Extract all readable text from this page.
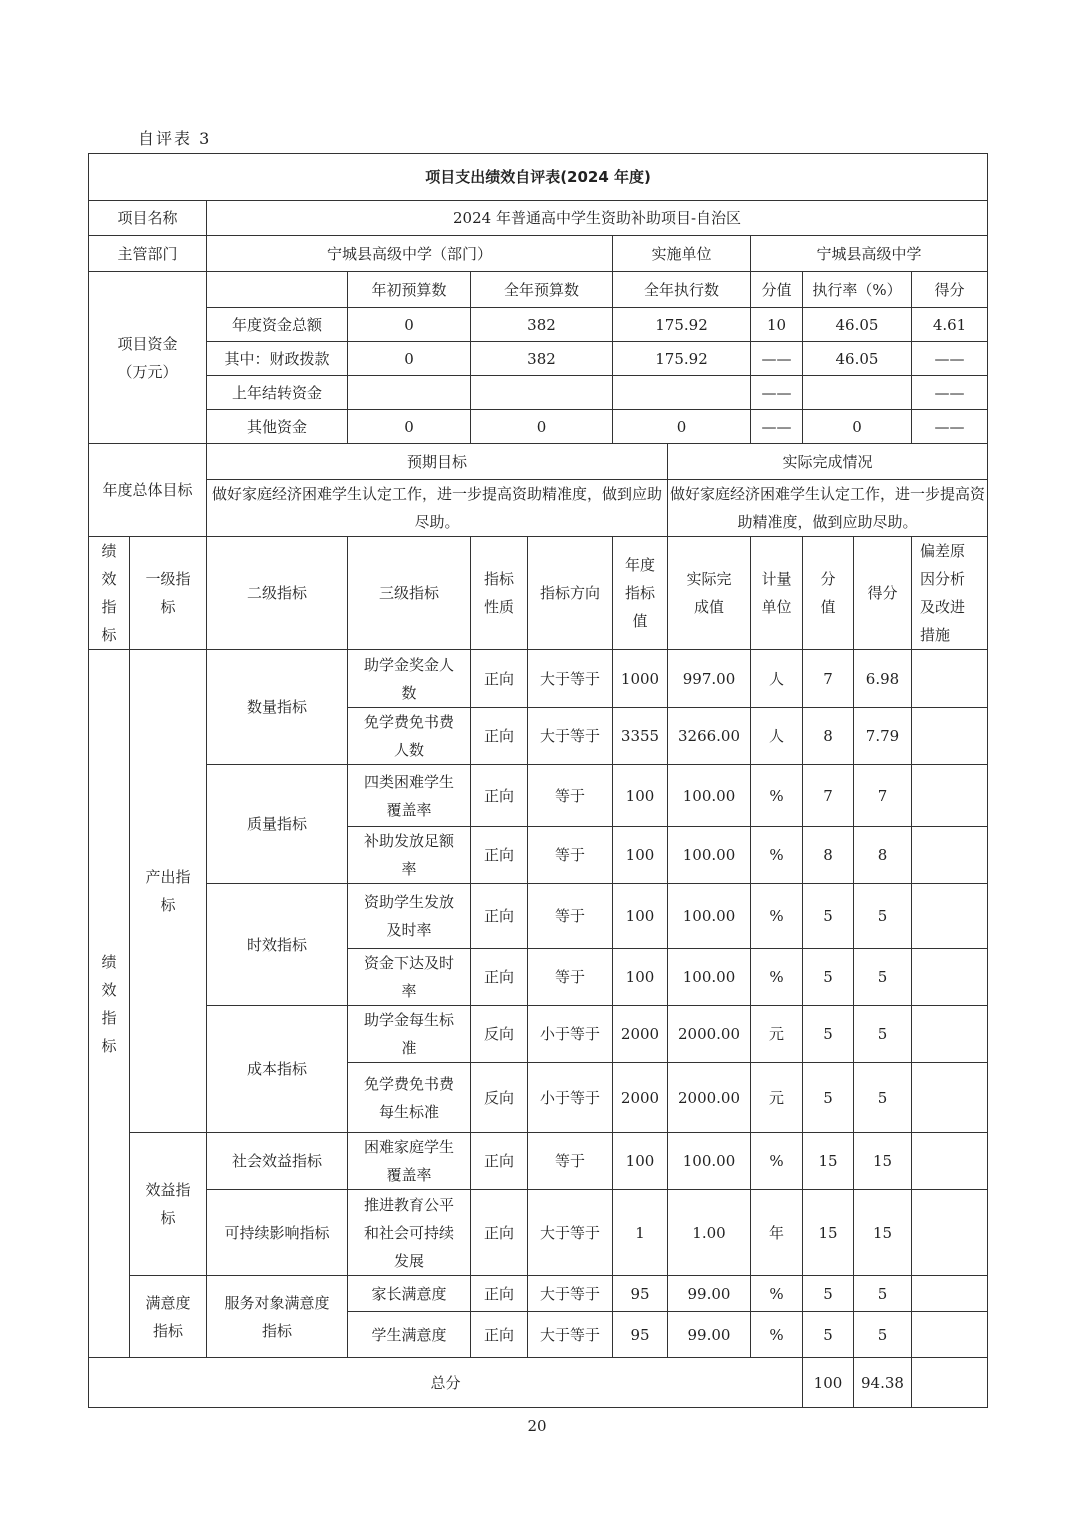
自评表 3
项目支出绩效自评表(2024 年度)											
项目名称		2024 年普通高中学生资助补助项目-自治区									
主管部门		宁城县高级中学（部门）				实施单位		宁城县高级中学			
项目资金（万元）			年初预算数	全年预算数		全年执行数		分值	执行率（%）		得分
		年度资金总额	0	382		175.92		10	46.05		4.61
		其中：财政拨款	0	382		175.92		——	46.05		——
		上年结转资金						——			——
		其他资金	0	0		0		——	0		——
年度总体目标		预期目标					实际完成情况				
		做好家庭经济困难学生认定工作，进一步提高资助精准度，做到应助尽助。					做好家庭经济困难学生认定工作，进一步提高资助精准度，做到应助尽助。				
绩效指标	一级指标	二级指标	三级指标	指标性质	指标方向	年度指标值	实际完成值	计量单位	分值	得分	偏差原因分析及改进措施
绩效指标	产出指标	数量指标	助学金奖金人数	正向	大于等于	1000	997.00	人	7	6.98	
			免学费免书费人数	正向	大于等于	3355	3266.00	人	8	7.79	
		质量指标	四类困难学生覆盖率	正向	等于	100	100.00	%	7	7	
			补助发放足额率	正向	等于	100	100.00	%	8	8	
		时效指标	资助学生发放及时率	正向	等于	100	100.00	%	5	5	
			资金下达及时率	正向	等于	100	100.00	%	5	5	
		成本指标	助学金每生标准	反向	小于等于	2000	2000.00	元	5	5	
			免学费免书费每生标准	反向	小于等于	2000	2000.00	元	5	5	
	效益指标	社会效益指标	困难家庭学生覆盖率	正向	等于	100	100.00	%	15	15	
		可持续影响指标	推进教育公平和社会可持续发展	正向	大于等于	1	1.00	年	15	15	
	满意度指标	服务对象满意度指标	家长满意度	正向	大于等于	95	99.00	%	5	5	
			学生满意度	正向	大于等于	95	99.00	%	5	5	
总分									100	94.38	
20
